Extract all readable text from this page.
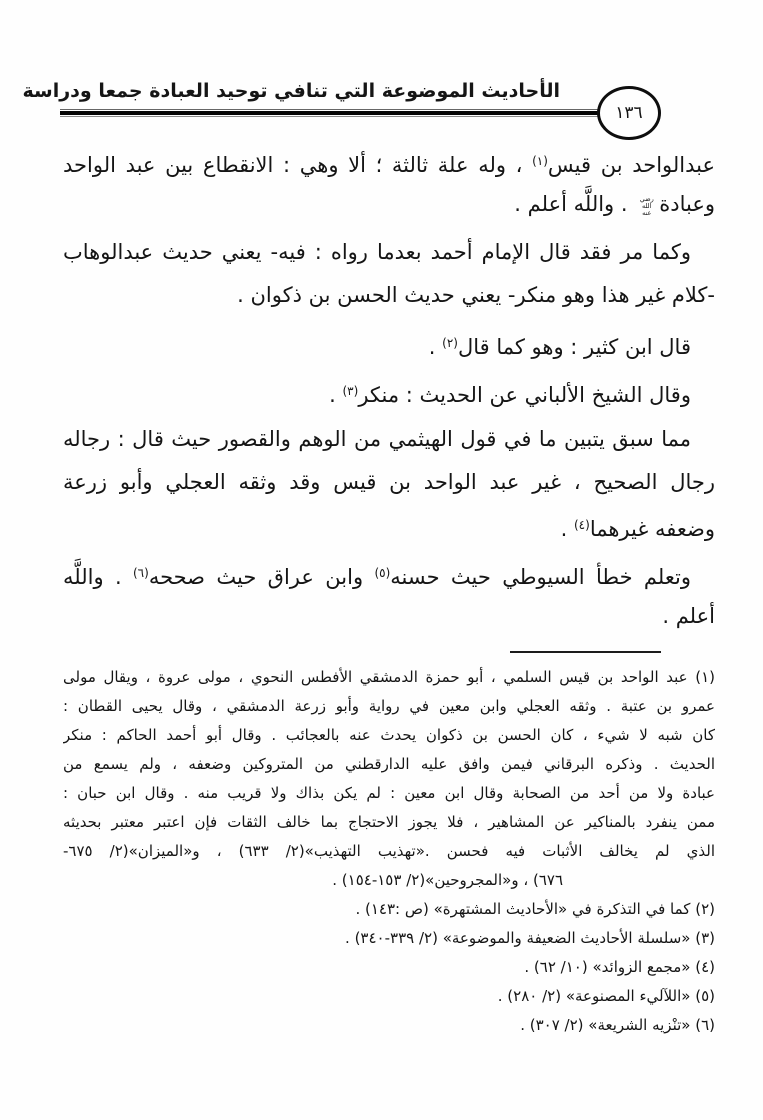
الأحاديث الموضوعة التي تنافي توحيد العبادة جمعا ودراسة
١٣٦

عبدالواحد بن قيس$^{(١)}$ ، وله علة ثالثة ؛ ألا وهي : الانقطاع بين عبد الواحد
وعبادةرضي الله عنه . واللَّه أعلم .

وكما مر فقد قال الإمام أحمد بعدما رواه : فيه- يعني حديث عبدالوهاب
-كلام غير هذا وهو منكر- يعني حديث الحسن بن ذكوان .

قال ابن كثير : وهو كما قال$^{(٢)}$ .

وقال الشيخ الألباني عن الحديث : منكر$^{(٣)}$ .

مما سبق يتبين ما في قول الهيثمي من الوهم والقصور حيث قال : رجاله
رجال الصحيح ، غير عبد الواحد بن قيس وقد وثقه العجلي وأبو زرعة
وضعفه غيرهما$^{(٤)}$ .

وتعلم خطأ السيوطي حيث حسنه$^{(٥)}$ وابن عراق حيث صححه$^{(٦)}$ . واللَّه
أعلم .

(١) عبد الواحد بن قيس السلمي ، أبو حمزة الدمشقي الأفطس النحوي ، مولى عروة ، ويقال مولى
عمرو بن عتبة . وثقه العجلي وابن معين في رواية وأبو زرعة الدمشقي ، وقال يحيى القطان :
كان شبه لا شيء ، كان الحسن بن ذكوان يحدث عنه بالعجائب . وقال أبو أحمد الحاكم : منكر
الحديث . وذكره البرقاني فيمن وافق عليه الدارقطني من المتروكين وضعفه ، ولم يسمع من
عبادة ولا من أحد من الصحابة وقال ابن معين : لم يكن بذاك ولا قريب منه . وقال ابن حبان :
ممن ينفرد بالمناكير عن المشاهير ، فلا يجوز الاحتجاج بما خالف الثقات فإن اعتبر معتبر بحديثه
الذي لم يخالف الأثبات فيه فحسن .«تهذيب التهذيب»(٢/ ٦٣٣) ، و«الميزان»(٢/ ٦٧٥-
٦٧٦) ، و«المجروحين»(٢/ ١٥٣-١٥٤) .
(٢) كما في التذكرة في «الأحاديث المشتهرة» (ص :١٤٣) .
(٣) «سلسلة الأحاديث الضعيفة والموضوعة» (٢/ ٣٣٩-٣٤٠) .
(٤) «مجمع الزوائد» (١٠/ ٦٢) .
(٥) «اللآليء المصنوعة» (٢/ ٢٨٠) .
(٦) «تنْزيه الشريعة» (٢/ ٣٠٧) .
